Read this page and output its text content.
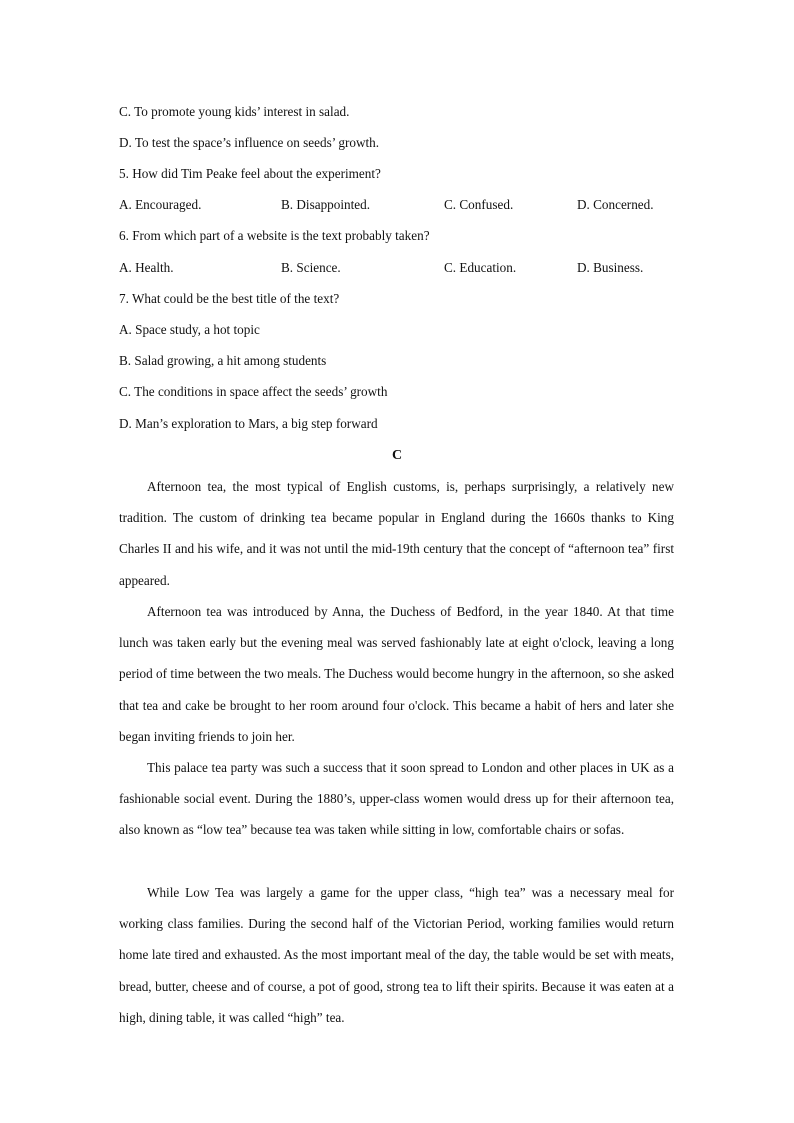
C. To promote young kids’ interest in salad.
D. To test the space’s influence on seeds’ growth.
5. How did Tim Peake feel about the experiment?
A. Encouraged.	B. Disappointed.	C. Confused.	D. Concerned.
6. From which part of a website is the text probably taken?
A. Health.	B. Science.	C. Education.	D. Business.
7. What could be the best title of the text?
A. Space study, a hot topic
B. Salad growing, a hit among students
C. The conditions in space affect the seeds’ growth
D. Man’s exploration to Mars, a big step forward
C

Afternoon tea, the most typical of English customs, is, perhaps surprisingly, a relatively new tradition. The custom of drinking tea became popular in England during the 1660s thanks to King Charles II and his wife, and it was not until the mid-19th century that the concept of “afternoon tea” first appeared.

Afternoon tea was introduced by Anna, the Duchess of Bedford, in the year 1840. At that time lunch was taken early but the evening meal was served fashionably late at eight o'clock, leaving a long period of time between the two meals. The Duchess would become hungry in the afternoon, so she asked that tea and cake be brought to her room around four o'clock. This became a habit of hers and later she began inviting friends to join her.

This palace tea party was such a success that it soon spread to London and other places in UK as a fashionable social event. During the 1880’s, upper-class women would dress up for their afternoon tea, also known as “low tea” because tea was taken while sitting in low, comfortable chairs or sofas.

While Low Tea was largely a game for the upper class, “high tea” was a necessary meal for working class families. During the second half of the Victorian Period, working families would return home late tired and exhausted. As the most important meal of the day, the table would be set with meats, bread, butter, cheese and of course, a pot of good, strong tea to lift their spirits. Because it was eaten at a high, dining table, it was called “high” tea.
